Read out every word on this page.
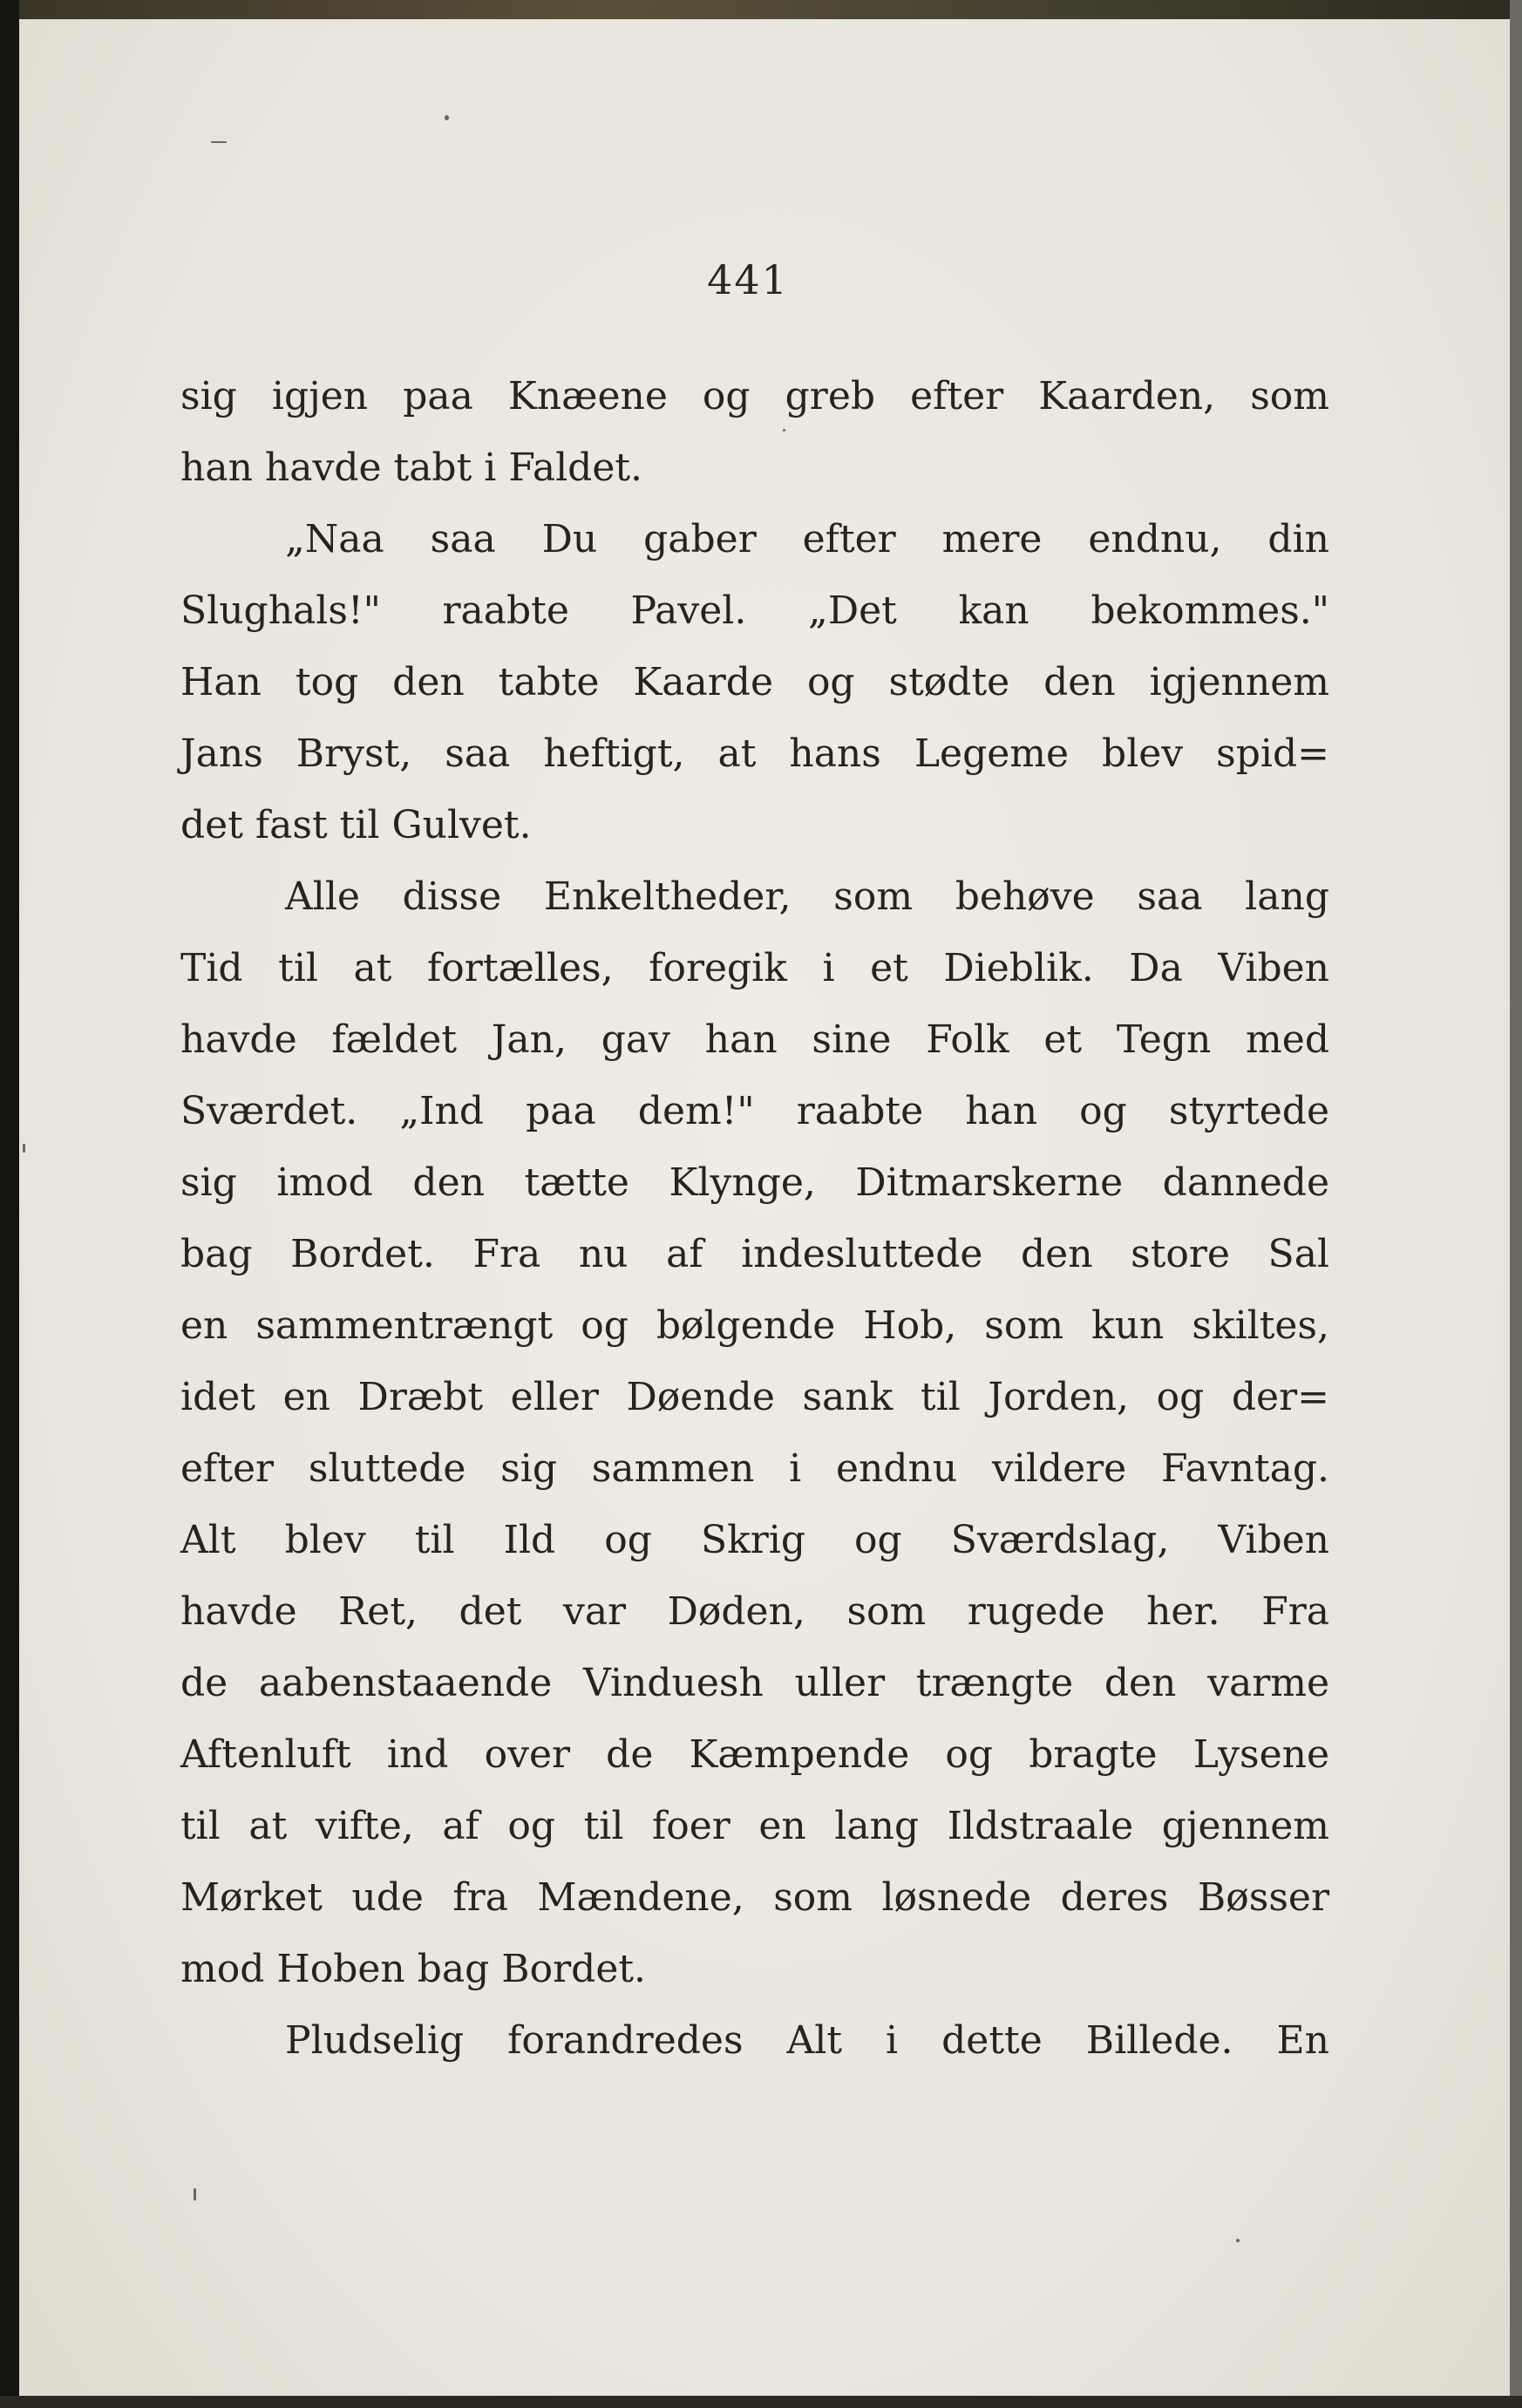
441
sig igjen paa Knæene og greb efter Kaarden, som
han havde tabt i Faldet.
„Naa saa Du gaber efter mere endnu, din
Slughals!" raabte Pavel. „Det kan bekommes."
Han tog den tabte Kaarde og stødte den igjennem
Jans Bryst, saa heftigt, at hans Legeme blev spid=
det fast til Gulvet.
Alle disse Enkeltheder, som behøve saa lang
Tid til at fortælles, foregik i et Dieblik. Da Viben
havde fældet Jan, gav han sine Folk et Tegn med
Sværdet. „Ind paa dem!" raabte han og styrtede
sig imod den tætte Klynge, Ditmarskerne dannede
bag Bordet. Fra nu af indesluttede den store Sal
en sammentrængt og bølgende Hob, som kun skiltes,
idet en Dræbt eller Døende sank til Jorden, og der=
efter sluttede sig sammen i endnu vildere Favntag.
Alt blev til Ild og Skrig og Sværdslag, Viben
havde Ret, det var Døden, som rugede her. Fra
de aabenstaaende Vinduesh uller trængte den varme
Aftenluft ind over de Kæmpende og bragte Lysene
til at vifte, af og til foer en lang Ildstraale gjennem
Mørket ude fra Mændene, som løsnede deres Bøsser
mod Hoben bag Bordet.
Pludselig forandredes Alt i dette Billede. En
